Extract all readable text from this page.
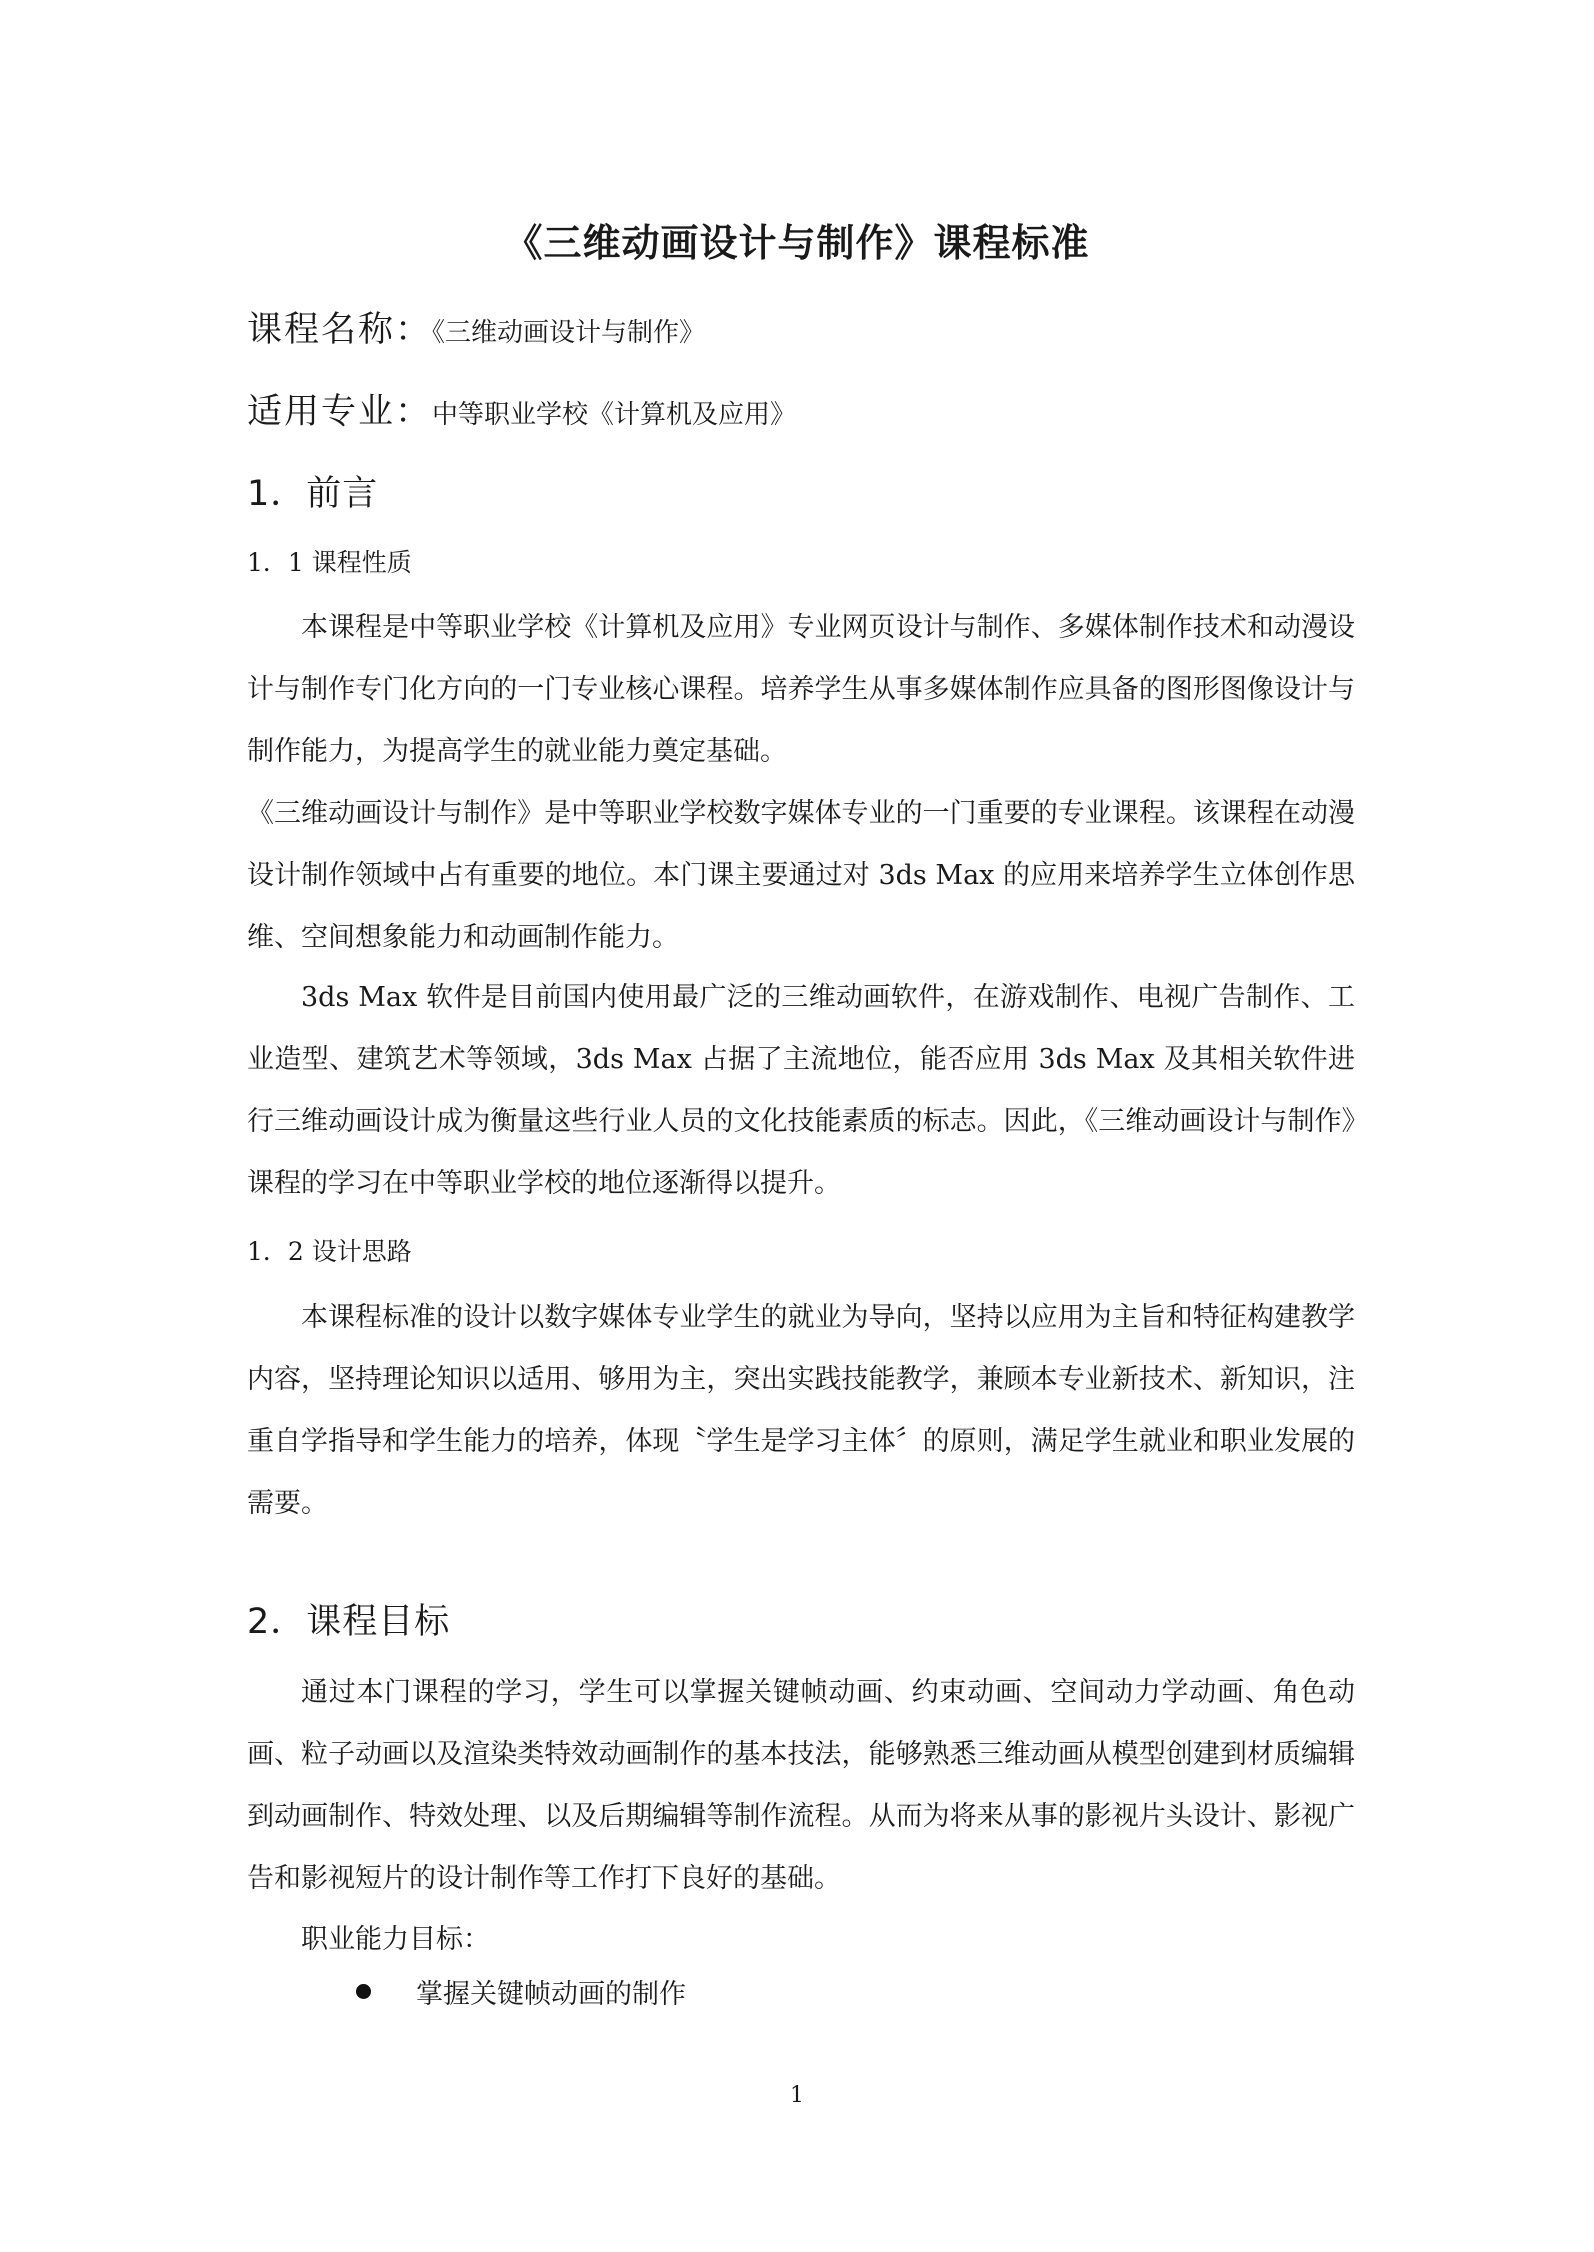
《三维动画设计与制作》课程标准
课程名称：《三维动画设计与制作》
适用专业：中等职业学校《计算机及应用》
1．前言
1．1 课程性质

本课程是中等职业学校《计算机及应用》专业网页设计与制作、多媒体制作技术和动漫设计与制作专门化方向的一门专业核心课程。培养学生从事多媒体制作应具备的图形图像设计与制作能力，为提高学生的就业能力奠定基础。

《三维动画设计与制作》是中等职业学校数字媒体专业的一门重要的专业课程。该课程在动漫设计制作领域中占有重要的地位。本门课主要通过对 3ds Max 的应用来培养学生立体创作思维、空间想象能力和动画制作能力。

3ds Max 软件是目前国内使用最广泛的三维动画软件，在游戏制作、电视广告制作、工业造型、建筑艺术等领域，3ds Max 占据了主流地位，能否应用 3ds Max 及其相关软件进行三维动画设计成为衡量这些行业人员的文化技能素质的标志。因此，《三维动画设计与制作》课程的学习在中等职业学校的地位逐渐得以提升。

1．2 设计思路

本课程标准的设计以数字媒体专业学生的就业为导向，坚持以应用为主旨和特征构建教学内容，坚持理论知识以适用、够用为主，突出实践技能教学，兼顾本专业新技术、新知识，注重自学指导和学生能力的培养，体现〝学生是学习主体〞的原则，满足学生就业和职业发展的需要。

2．课程目标

通过本门课程的学习，学生可以掌握关键帧动画、约束动画、空间动力学动画、角色动画、粒子动画以及渲染类特效动画制作的基本技法，能够熟悉三维动画从模型创建到材质编辑到动画制作、特效处理、以及后期编辑等制作流程。从而为将来从事的影视片头设计、影视广告和影视短片的设计制作等工作打下良好的基础。

职业能力目标：
掌握关键帧动画的制作
1
